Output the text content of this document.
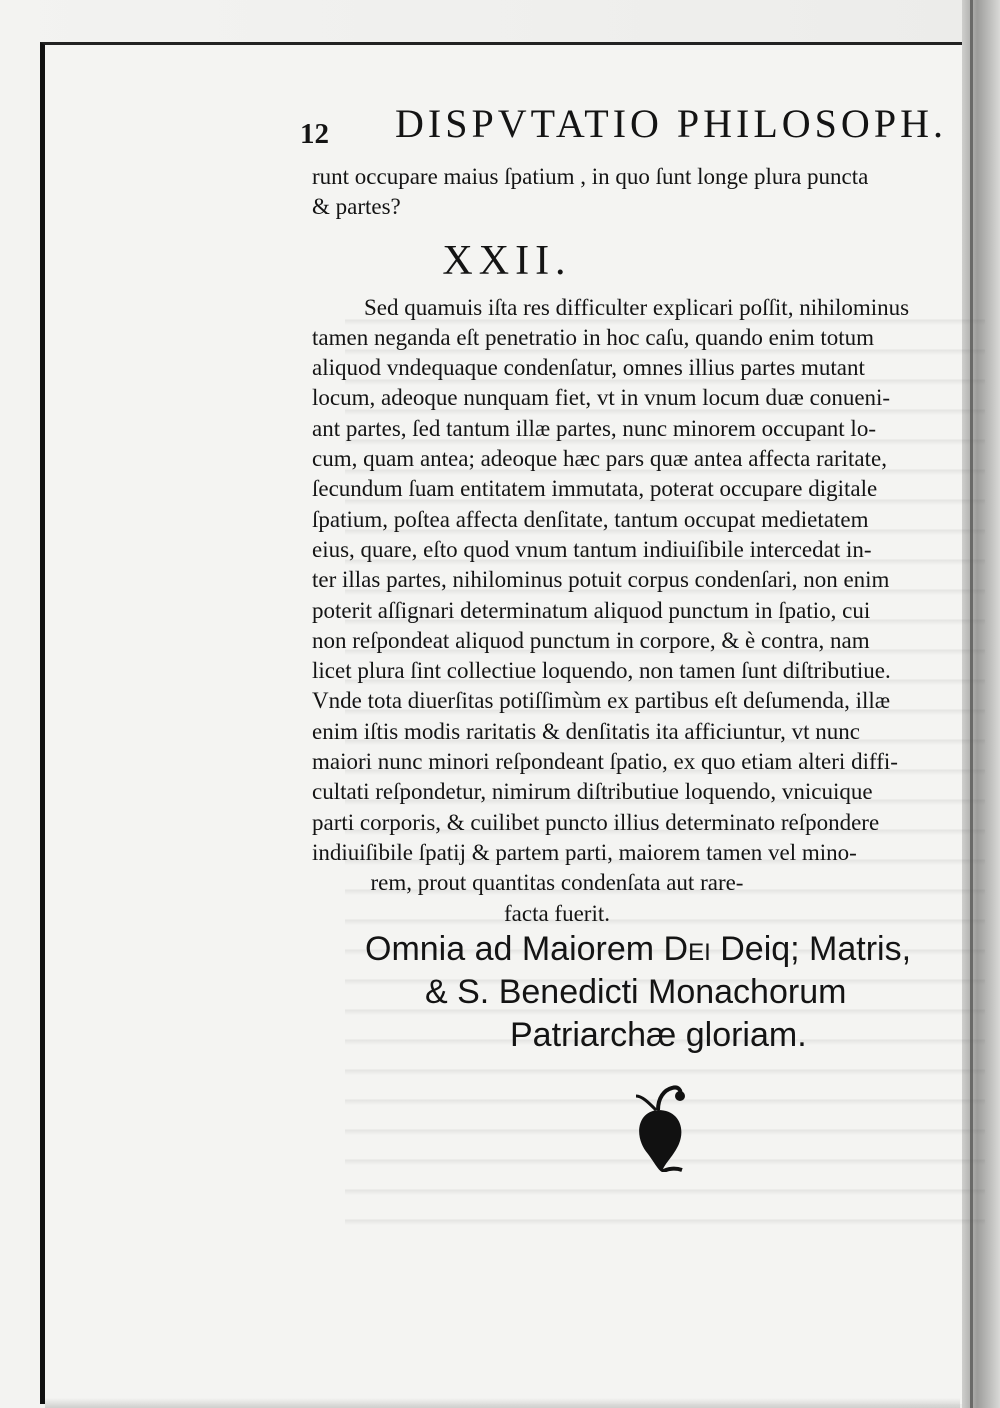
12 DISPVTATIO PHILOSOPH.
runt occupare maius ſpatium , in quo ſunt longe plura puncta
& partes?
XXII.
Sed quamuis iſta res difficulter explicari poſſit, nihilominus
tamen neganda eſt penetratio in hoc caſu, quando enim totum
aliquod vndequaque condenſatur, omnes illius partes mutant
locum, adeoque nunquam fiet, vt in vnum locum duæ conueni-
ant partes, ſed tantum illæ partes, nunc minorem occupant lo-
cum, quam antea; adeoque hæc pars quæ antea affecta raritate,
ſecundum ſuam entitatem immutata, poterat occupare digitale
ſpatium, poſtea affecta denſitate, tantum occupat medietatem
eius, quare, eſto quod vnum tantum indiuiſibile intercedat in-
ter illas partes, nihilominus potuit corpus condenſari, non enim
poterit aſſignari determinatum aliquod punctum in ſpatio, cui
non reſpondeat aliquod punctum in corpore, & è contra, nam
licet plura ſint collectiue loquendo, non tamen ſunt diſtributiue.
Vnde tota diuerſitas potiſſimùm ex partibus eſt deſumenda, illæ
enim iſtis modis raritatis & denſitatis ita afficiuntur, vt nunc
maiori nunc minori reſpondeant ſpatio, ex quo etiam alteri diffi-
cultati reſpondetur, nimirum diſtributiue loquendo, vnicuique
parti corporis, & cuilibet puncto illius determinato reſpondere
indiuiſibile ſpatij & partem parti, maiorem tamen vel mino-
rem, prout quantitas condenſata aut rare-
facta fuerit.
Omnia ad Maiorem Dei Deiq; Matris,
& S. Benedicti Monachorum
Patriarchæ gloriam.
